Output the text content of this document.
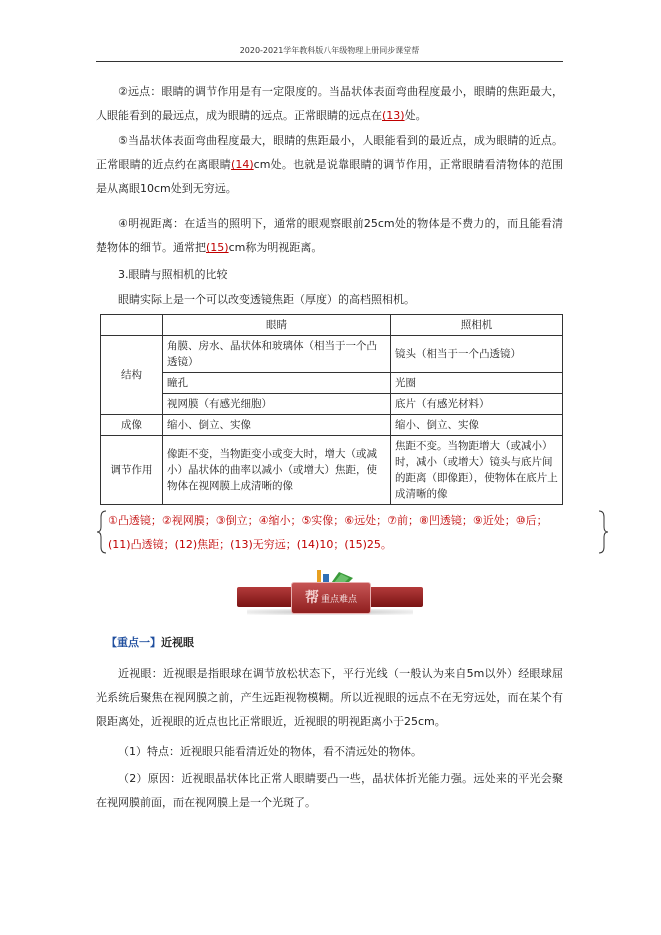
2020-2021学年教科版八年级物理上册同步课堂帮

②远点：眼睛的调节作用是有一定限度的。当晶状体表面弯曲程度最小，眼睛的焦距最大，人眼能看到的最远点，成为眼睛的远点。正常眼睛的远点在(13)处。

⑤当晶状体表面弯曲程度最大，眼睛的焦距最小，人眼能看到的最近点，成为眼睛的近点。正常眼睛的近点约在离眼睛(14)cm处。也就是说靠眼睛的调节作用，正常眼睛看清物体的范围是从离眼10cm处到无穷远。

④明视距离：在适当的照明下，通常的眼观察眼前25cm处的物体是不费力的，而且能看清楚物体的细节。通常把(15)cm称为明视距离。

3.眼睛与照相机的比较

眼睛实际上是一个可以改变透镜焦距（厚度）的高档照相机。

	眼睛	照相机
结构	角膜、房水、晶状体和玻璃体（相当于一个凸透镜）	镜头（相当于一个凸透镜）
	瞳孔	光圈
	视网膜（有感光细胞）	底片（有感光材料）
成像	缩小、倒立、实像	缩小、倒立、实像
调节作用	像距不变，当物距变小或变大时，增大（或减小）晶状体的曲率以减小（或增大）焦距，使物体在视网膜上成清晰的像	焦距不变。当物距增大（或减小）时，减小（或增大）镜头与底片间的距离（即像距），使物体在底片上成清晰的像
①凸透镜；②视网膜；③倒立；④缩小；⑤实像；⑥远处；⑦前；⑧凹透镜；⑨近处；⑩后；
(11)凸透镜；(12)焦距；(13)无穷远；(14)10；(15)25。
帮重点难点
【重点一】近视眼

近视眼：近视眼是指眼球在调节放松状态下，平行光线（一般认为来自5m以外）经眼球屈光系统后聚焦在视网膜之前，产生远距视物模糊。所以近视眼的远点不在无穷远处，而在某个有限距离处，近视眼的近点也比正常眼近，近视眼的明视距离小于25cm。

（1）特点：近视眼只能看清近处的物体，看不清远处的物体。

（2）原因：近视眼晶状体比正常人眼睛要凸一些，晶状体折光能力强。远处来的平光会聚在视网膜前面，而在视网膜上是一个光斑了。
